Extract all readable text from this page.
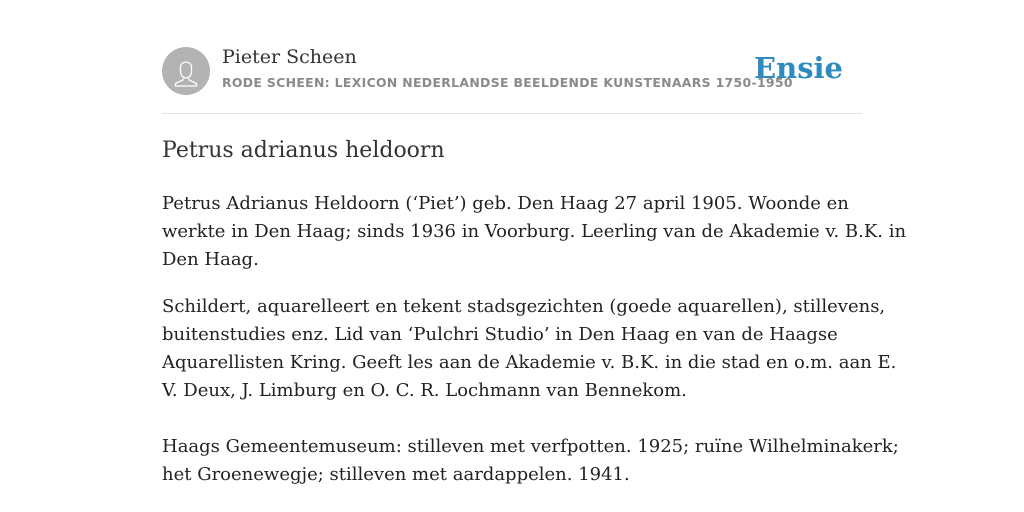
Pieter Scheen
RODE SCHEEN: LEXICON NEDERLANDSE BEELDENDE KUNSTENAARS 1750-1950
Ensie
Petrus adrianus heldoorn

Petrus Adrianus Heldoorn (‘Piet’) geb. Den Haag 27 april 1905. Woonde en
werkte in Den Haag; sinds 1936 in Voorburg. Leerling van de Akademie v. B.K. in
Den Haag.

Schildert, aquarelleert en tekent stadsgezichten (goede aquarellen), stillevens,
buitenstudies enz. Lid van ‘Pulchri Studio’ in Den Haag en van de Haagse
Aquarellisten Kring. Geeft les aan de Akademie v. B.K. in die stad en o.m. aan E.
V. Deux, J. Limburg en O. C. R. Lochmann van Bennekom.

Haags Gemeentemuseum: stilleven met verfpotten. 1925; ruïne Wilhelminakerk;
het Groenewegje; stilleven met aardappelen. 1941.
